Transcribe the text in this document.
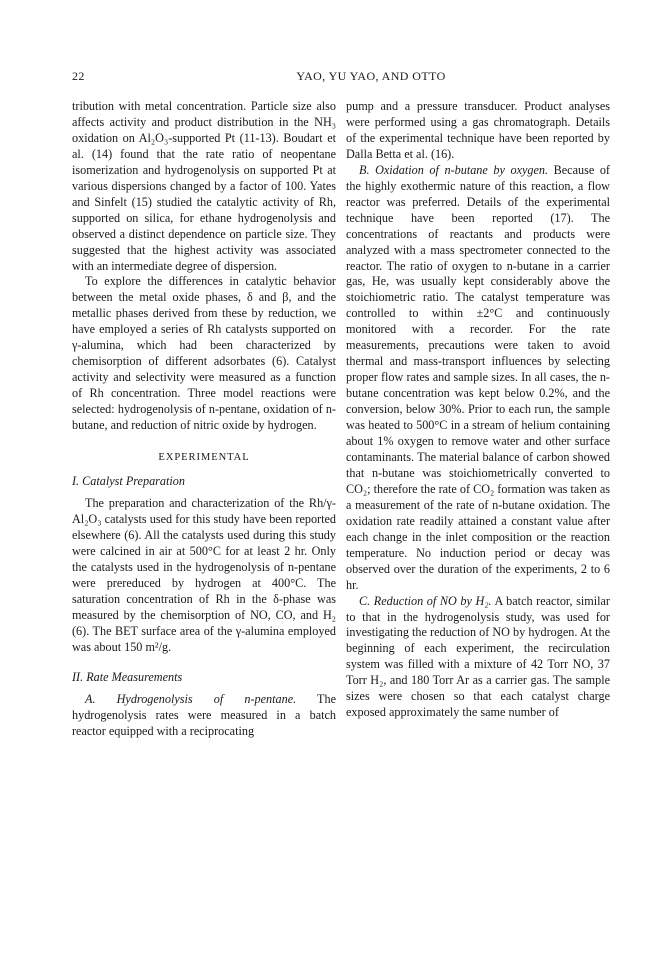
22	YAO, YU YAO, AND OTTO

tribution with metal concentration. Particle size also affects activity and product distribution in the NH₃ oxidation on Al₂O₃-supported Pt (11-13). Boudart et al. (14) found that the rate ratio of neopentane isomerization and hydrogenolysis on supported Pt at various dispersions changed by a factor of 100. Yates and Sinfelt (15) studied the catalytic activity of Rh, supported on silica, for ethane hydrogenolysis and observed a distinct dependence on particle size. They suggested that the highest activity was associated with an intermediate degree of dispersion.

To explore the differences in catalytic behavior between the metal oxide phases, δ and β, and the metallic phases derived from these by reduction, we have employed a series of Rh catalysts supported on γ-alumina, which had been characterized by chemisorption of different adsorbates (6). Catalyst activity and selectivity were measured as a function of Rh concentration. Three model reactions were selected: hydrogenolysis of n-pentane, oxidation of n-butane, and reduction of nitric oxide by hydrogen.

EXPERIMENTAL
I. Catalyst Preparation

The preparation and characterization of the Rh/γ-Al₂O₃ catalysts used for this study have been reported elsewhere (6). All the catalysts used during this study were calcined in air at 500°C for at least 2 hr. Only the catalysts used in the hydrogenolysis of n-pentane were prereduced by hydrogen at 400°C. The saturation concentration of Rh in the δ-phase was measured by the chemisorption of NO, CO, and H₂ (6). The BET surface area of the γ-alumina employed was about 150 m²/g.

II. Rate Measurements

A. Hydrogenolysis of n-pentane. The hydrogenolysis rates were measured in a batch reactor equipped with a reciprocating

pump and a pressure transducer. Product analyses were performed using a gas chromatograph. Details of the experimental technique have been reported by Dalla Betta et al. (16).

B. Oxidation of n-butane by oxygen. Because of the highly exothermic nature of this reaction, a flow reactor was preferred. Details of the experimental technique have been reported (17). The concentrations of reactants and products were analyzed with a mass spectrometer connected to the reactor. The ratio of oxygen to n-butane in a carrier gas, He, was usually kept considerably above the stoichiometric ratio. The catalyst temperature was controlled to within ±2°C and continuously monitored with a recorder. For the rate measurements, precautions were taken to avoid thermal and mass-transport influences by selecting proper flow rates and sample sizes. In all cases, the n-butane concentration was kept below 0.2%, and the conversion, below 30%. Prior to each run, the sample was heated to 500°C in a stream of helium containing about 1% oxygen to remove water and other surface contaminants. The material balance of carbon showed that n-butane was stoichiometrically converted to CO₂; therefore the rate of CO₂ formation was taken as a measurement of the rate of n-butane oxidation. The oxidation rate readily attained a constant value after each change in the inlet composition or the reaction temperature. No induction period or decay was observed over the duration of the experiments, 2 to 6 hr.

C. Reduction of NO by H₂. A batch reactor, similar to that in the hydrogenolysis study, was used for investigating the reduction of NO by hydrogen. At the beginning of each experiment, the recirculation system was filled with a mixture of 42 Torr NO, 37 Torr H₂, and 180 Torr Ar as a carrier gas. The sample sizes were chosen so that each catalyst charge exposed approximately the same number of
